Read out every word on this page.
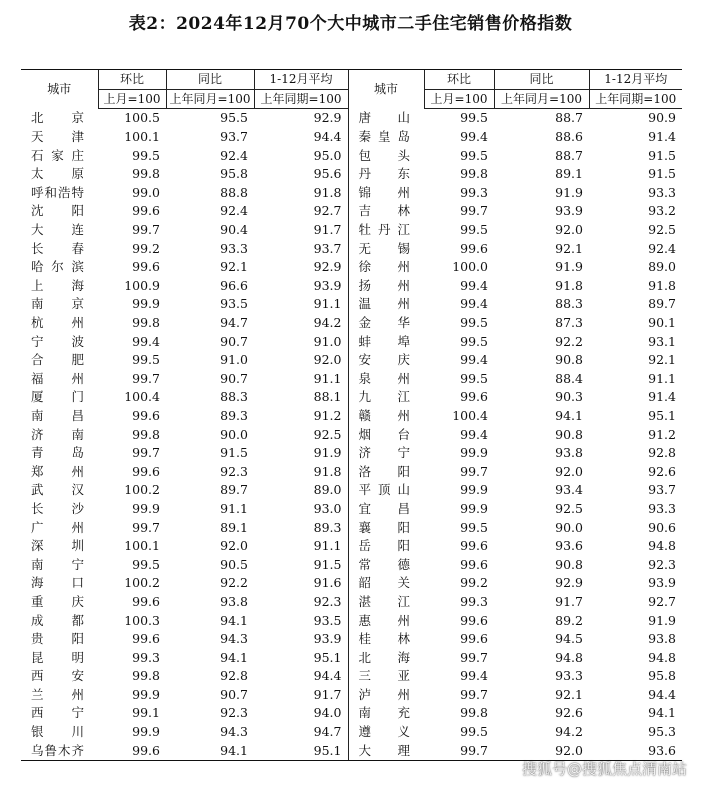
表2：2024年12月70个大中城市二手住宅销售价格指数
城市	环比	同比	1-12月平均	城市	环比	同比	1-12月平均
	上月=100	上年同月=100	上年同期=100		上月=100	上年同月=100	上年同期=100
北京	100.5	95.5	92.9	唐山	99.5	88.7	90.9
天津	100.1	93.7	94.4	秦皇岛	99.4	88.6	91.4
石家庄	99.5	92.4	95.0	包头	99.5	88.7	91.5
太原	99.8	95.8	95.6	丹东	99.8	89.1	91.5
呼和浩特	99.0	88.8	91.8	锦州	99.3	91.9	93.3
沈阳	99.6	92.4	92.7	吉林	99.7	93.9	93.2
大连	99.7	90.4	91.7	牡丹江	99.5	92.0	92.5
长春	99.2	93.3	93.7	无锡	99.6	92.1	92.4
哈尔滨	99.6	92.1	92.9	徐州	100.0	91.9	89.0
上海	100.9	96.6	93.9	扬州	99.4	91.8	91.8
南京	99.9	93.5	91.1	温州	99.4	88.3	89.7
杭州	99.8	94.7	94.2	金华	99.5	87.3	90.1
宁波	99.4	90.7	91.0	蚌埠	99.5	92.2	93.1
合肥	99.5	91.0	92.0	安庆	99.4	90.8	92.1
福州	99.7	90.7	91.1	泉州	99.5	88.4	91.1
厦门	100.4	88.3	88.1	九江	99.6	90.3	91.4
南昌	99.6	89.3	91.2	赣州	100.4	94.1	95.1
济南	99.8	90.0	92.5	烟台	99.4	90.8	91.2
青岛	99.7	91.5	91.9	济宁	99.9	93.8	92.8
郑州	99.6	92.3	91.8	洛阳	99.7	92.0	92.6
武汉	100.2	89.7	89.0	平顶山	99.9	93.4	93.7
长沙	99.9	91.1	93.0	宜昌	99.9	92.5	93.3
广州	99.7	89.1	89.3	襄阳	99.5	90.0	90.6
深圳	100.1	92.0	91.1	岳阳	99.6	93.6	94.8
南宁	99.5	90.5	91.5	常德	99.6	90.8	92.3
海口	100.2	92.2	91.6	韶关	99.2	92.9	93.9
重庆	99.6	93.8	92.3	湛江	99.3	91.7	92.7
成都	100.3	94.1	93.5	惠州	99.6	89.2	91.9
贵阳	99.6	94.3	93.9	桂林	99.6	94.5	93.8
昆明	99.3	94.1	95.1	北海	99.7	94.8	94.8
西安	99.8	92.8	94.4	三亚	99.4	93.3	95.8
兰州	99.9	90.7	91.7	泸州	99.7	92.1	94.4
西宁	99.1	92.3	94.0	南充	99.8	92.6	94.1
银川	99.9	94.3	94.7	遵义	99.5	94.2	95.3
乌鲁木齐	99.6	94.1	95.1	大理	99.7	92.0	93.6
搜狐号@搜狐焦点渭南站
